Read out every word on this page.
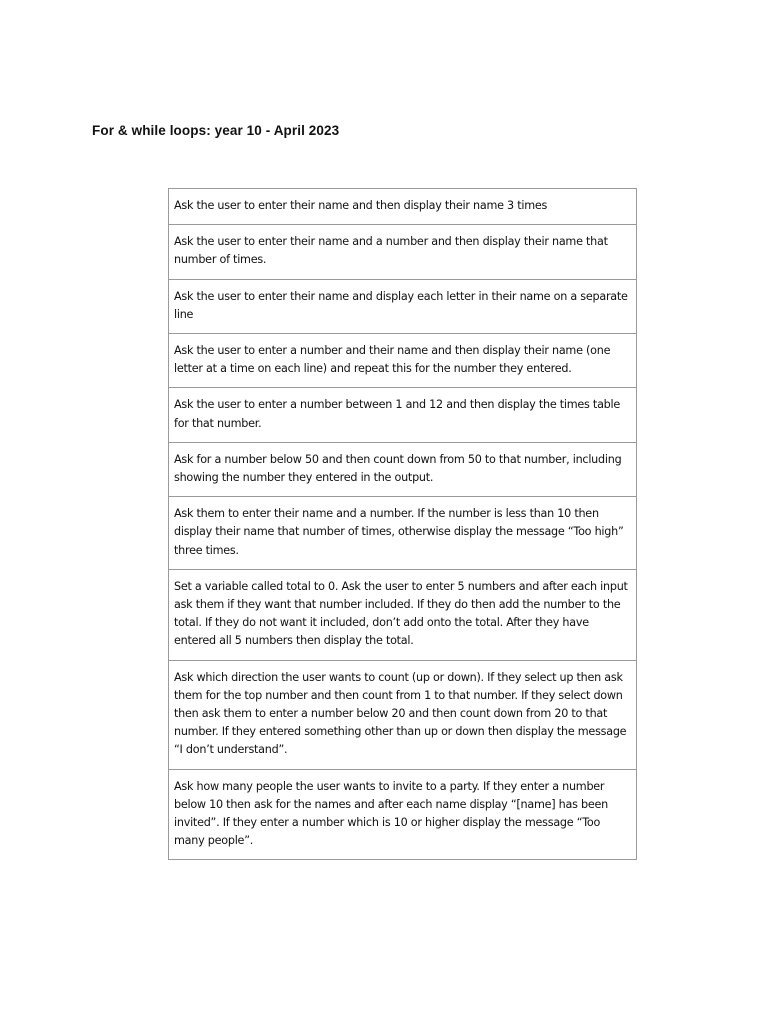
For & while loops: year 10 - April 2023
Ask the user to enter their name and then display their name 3 times
Ask the user to enter their name and a number and then display their name that number of times.
Ask the user to enter their name and display each letter in their name on a separate line
Ask the user to enter a number and their name and then display their name (one letter at a time on each line) and repeat this for the number they entered.
Ask the user to enter a number between 1 and 12 and then display the times table for that number.
Ask for a number below 50 and then count down from 50 to that number, including showing the number they entered in the output.
Ask them to enter their name and a number. If the number is less than 10 then display their name that number of times, otherwise display the message “Too high” three times.
Set a variable called total to 0. Ask the user to enter 5 numbers and after each input ask them if they want that number included. If they do then add the number to the total. If they do not want it included, don’t add onto the total. After they have entered all 5 numbers then display the total.
Ask which direction the user wants to count (up or down). If they select up then ask them for the top number and then count from 1 to that number. If they select down then ask them to enter a number below 20 and then count down from 20 to that number. If they entered something other than up or down then display the message “I don’t understand”.
Ask how many people the user wants to invite to a party. If they enter a number below 10 then ask for the names and after each name display “[name] has been invited”. If they enter a number which is 10 or higher display the message “Too many people”.
